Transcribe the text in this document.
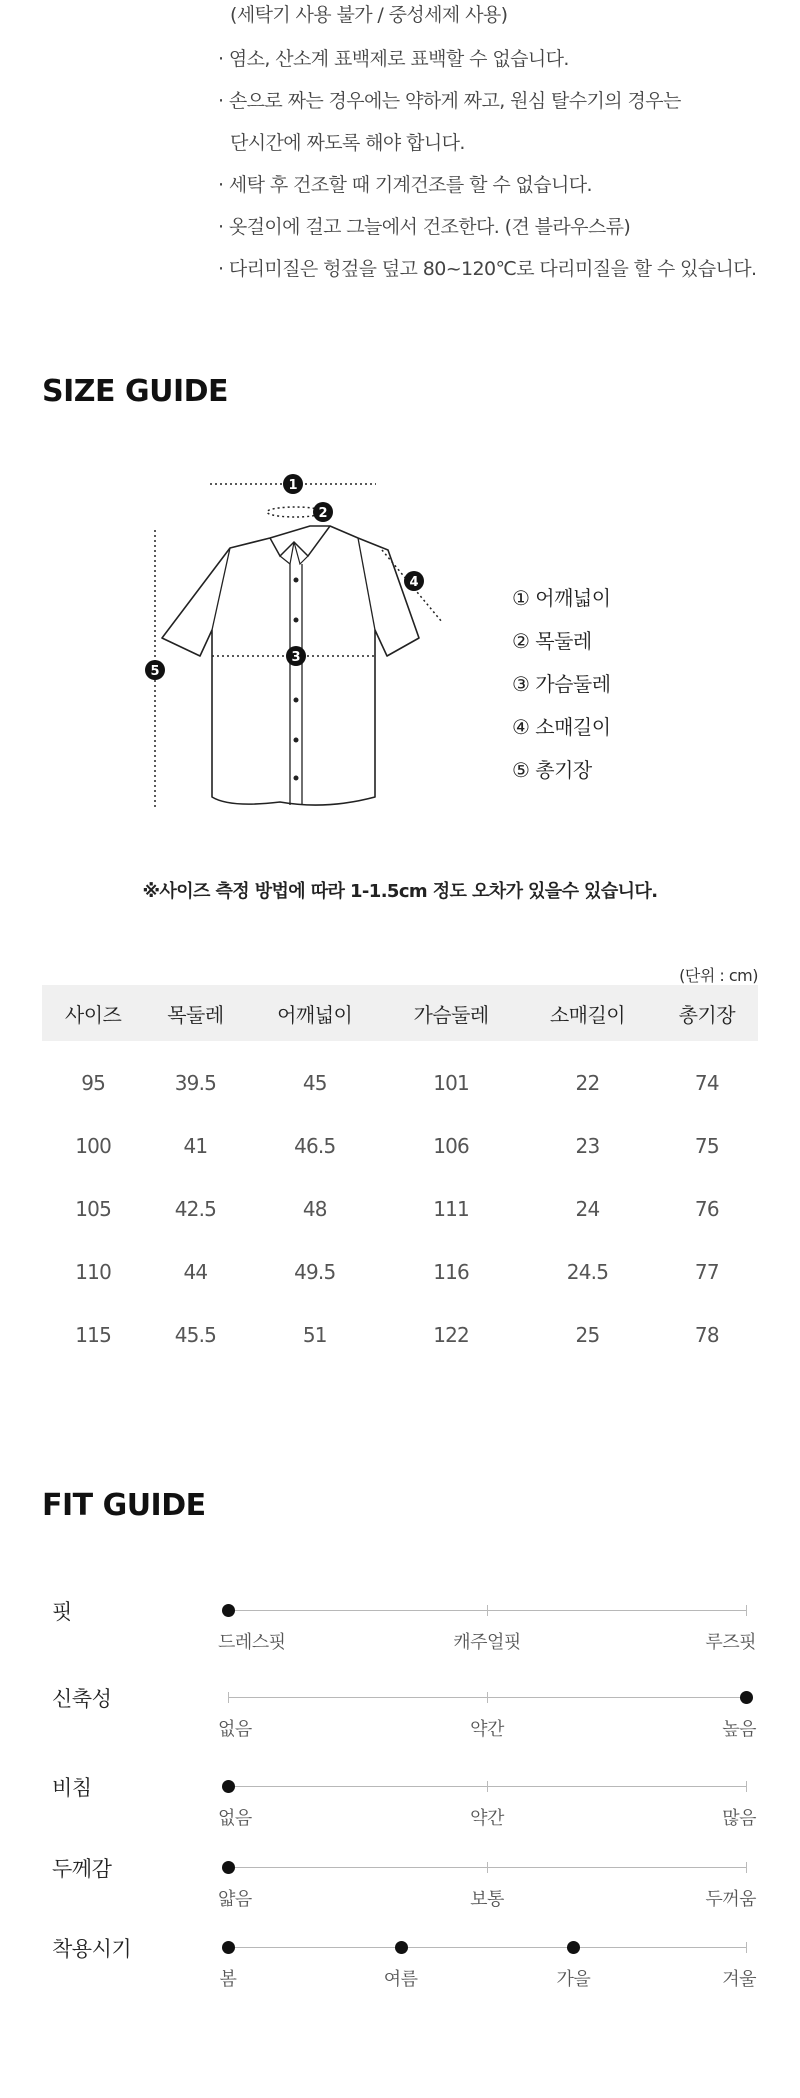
(세탁기 사용 불가 / 중성세제 사용)
· 염소, 산소계 표백제로 표백할 수 없습니다.
· 손으로 짜는 경우에는 약하게 짜고, 원심 탈수기의 경우는
단시간에 짜도록 해야 합니다.
· 세탁 후 건조할 때 기계건조를 할 수 없습니다.
· 옷걸이에 걸고 그늘에서 건조한다. (견 블라우스류)
· 다리미질은 헝겊을 덮고 80~120℃로 다리미질을 할 수 있습니다.
SIZE GUIDE
1
2
3
4
5
① 어깨넓이
② 목둘레
③ 가슴둘레
④ 소매길이
⑤ 총기장
※사이즈 측정 방법에 따라 1-1.5cm 정도 오차가 있을수 있습니다.
(단위 : cm)
사이즈	목둘레	어깨넓이	가슴둘레	소매길이	총기장
95	39.5	45	101	22	74
100	41	46.5	106	23	75
105	42.5	48	111	24	76
110	44	49.5	116	24.5	77
115	45.5	51	122	25	78
FIT GUIDE
핏
드레스핏	캐주얼핏	루즈핏
신축성
없음	약간	높음
비침
없음	약간	많음
두께감
얇음	보통	두꺼움
착용시기
봄	여름	가을	겨울
